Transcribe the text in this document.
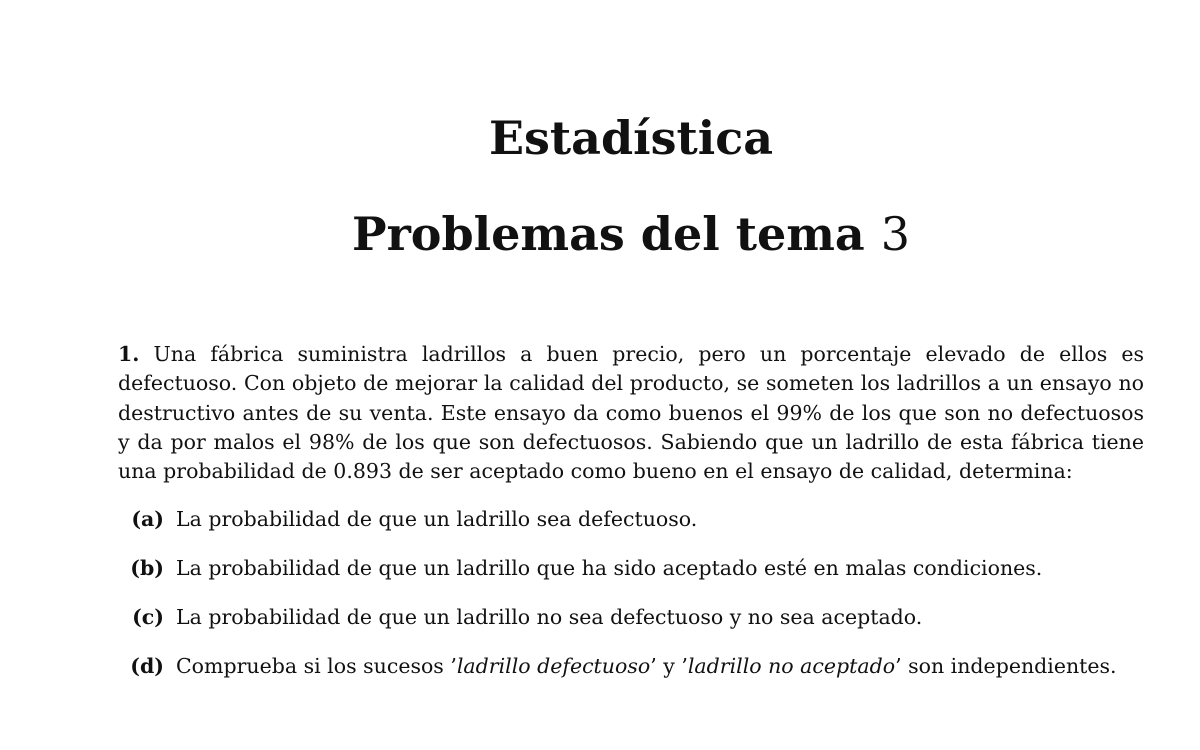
Estadística
Problemas del tema 3

1. Una fábrica suministra ladrillos a buen precio, pero un porcentaje elevado de ellos es defectuoso. Con objeto de mejorar la calidad del producto, se someten los ladrillos a un ensayo no destructivo antes de su venta. Este ensayo da como buenos el 99% de los que son no defectuosos y da por malos el 98% de los que son defectuosos. Sabiendo que un ladrillo de esta fábrica tiene una probabilidad de 0.893 de ser aceptado como bueno en el ensayo de calidad, determina:

(a) La probabilidad de que un ladrillo sea defectuoso.
(b) La probabilidad de que un ladrillo que ha sido aceptado esté en malas condiciones.
(c) La probabilidad de que un ladrillo no sea defectuoso y no sea aceptado.
(d) Comprueba si los sucesos ’ladrillo defectuoso’ y ’ladrillo no aceptado’ son independientes.
